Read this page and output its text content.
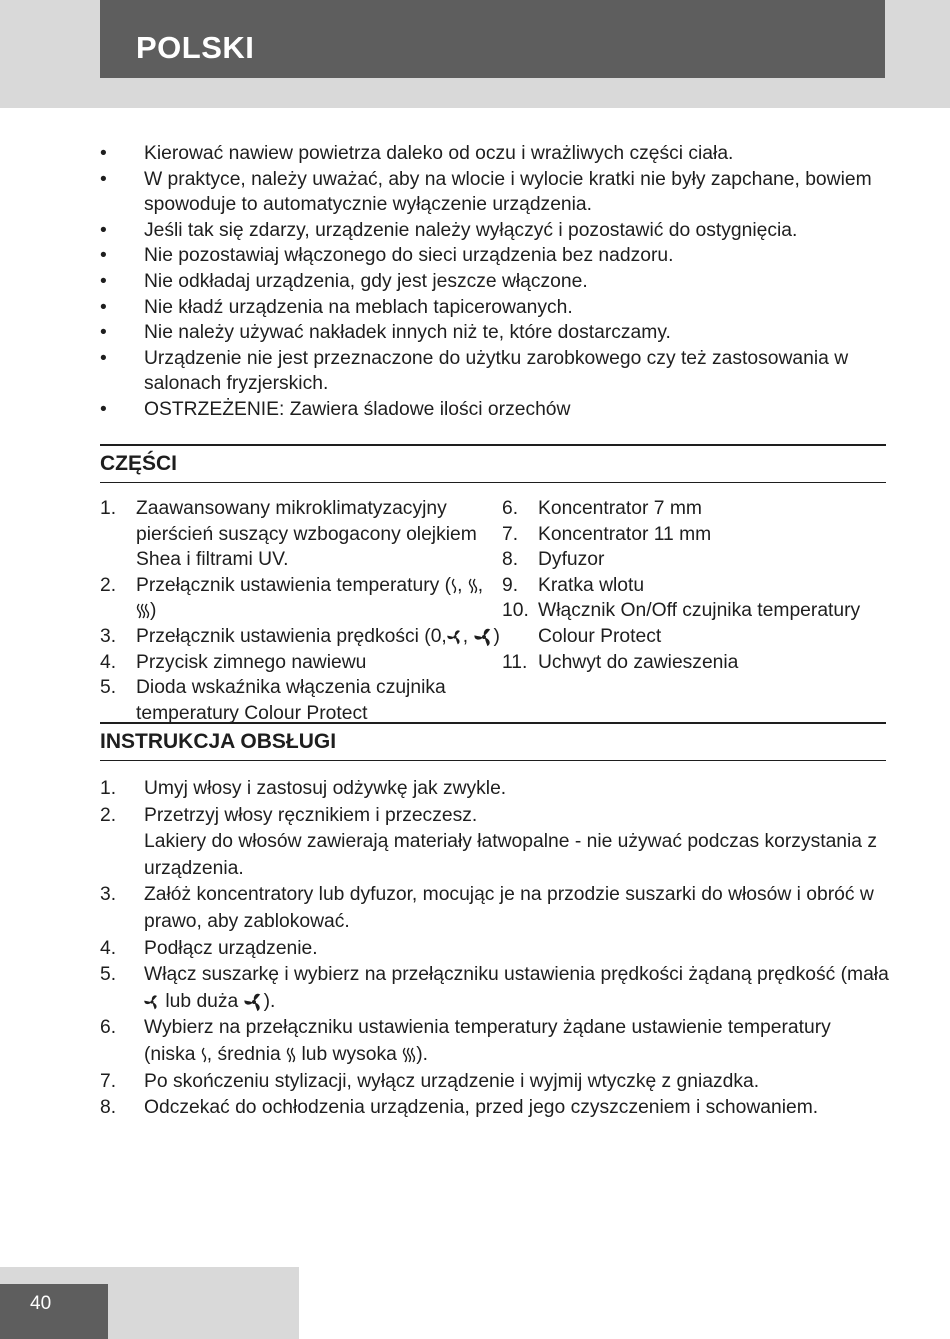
POLSKI
• Kierować nawiew powietrza daleko od oczu i wrażliwych części ciała.
• W praktyce, należy uważać, aby na wlocie i wylocie kratki nie były zapchane, bowiem
spowoduje to automatycznie wyłączenie urządzenia.
• Jeśli tak się zdarzy, urządzenie należy wyłączyć i pozostawić do ostygnięcia.
• Nie pozostawiaj włączonego do sieci urządzenia bez nadzoru.
• Nie odkładaj urządzenia, gdy jest jeszcze włączone.
• Nie kładź urządzenia na meblach tapicerowanych.
• Nie należy używać nakładek innych niż te, które dostarczamy.
• Urządzenie nie jest przeznaczone do użytku zarobkowego czy też zastosowania w
salonach fryzjerskich.
• OSTRZEŻENIE: Zawiera śladowe ilości orzechów
CZĘŚCI
1. Zaawansowany mikroklimatyzacyjny
pierścień suszący wzbogacony olejkiem
Shea i filtrami UV.
2. Przełącznik ustawienia temperatury ( , , )
3. Przełącznik ustawienia prędkości (0, , )
4. Przycisk zimnego nawiewu
5. Dioda wskaźnika włączenia czujnika
temperatury Colour Protect
6. Koncentrator 7 mm
7. Koncentrator 11 mm
8. Dyfuzor
9. Kratka wlotu
10. Włącznik On/Off czujnika temperatury
Colour Protect
11. Uchwyt do zawieszenia
INSTRUKCJA OBSŁUGI
1. Umyj włosy i zastosuj odżywkę jak zwykle.
2. Przetrzyj włosy ręcznikiem i przeczesz.
Lakiery do włosów zawierają materiały łatwopalne - nie używać podczas korzystania z
urządzenia.
3. Załóż koncentratory lub dyfuzor, mocując je na przodzie suszarki do włosów i obróć w
prawo, aby zablokować.
4. Podłącz urządzenie.
5. Włącz suszarkę i wybierz na przełączniku ustawienia prędkości żądaną prędkość (mała
lub duża ).
6. Wybierz na przełączniku ustawienia temperatury żądane ustawienie temperatury
(niska , średnia lub wysoka ).
7. Po skończeniu stylizacji, wyłącz urządzenie i wyjmij wtyczkę z gniazdka.
8. Odczekać do ochłodzenia urządzenia, przed jego czyszczeniem i schowaniem.
40
